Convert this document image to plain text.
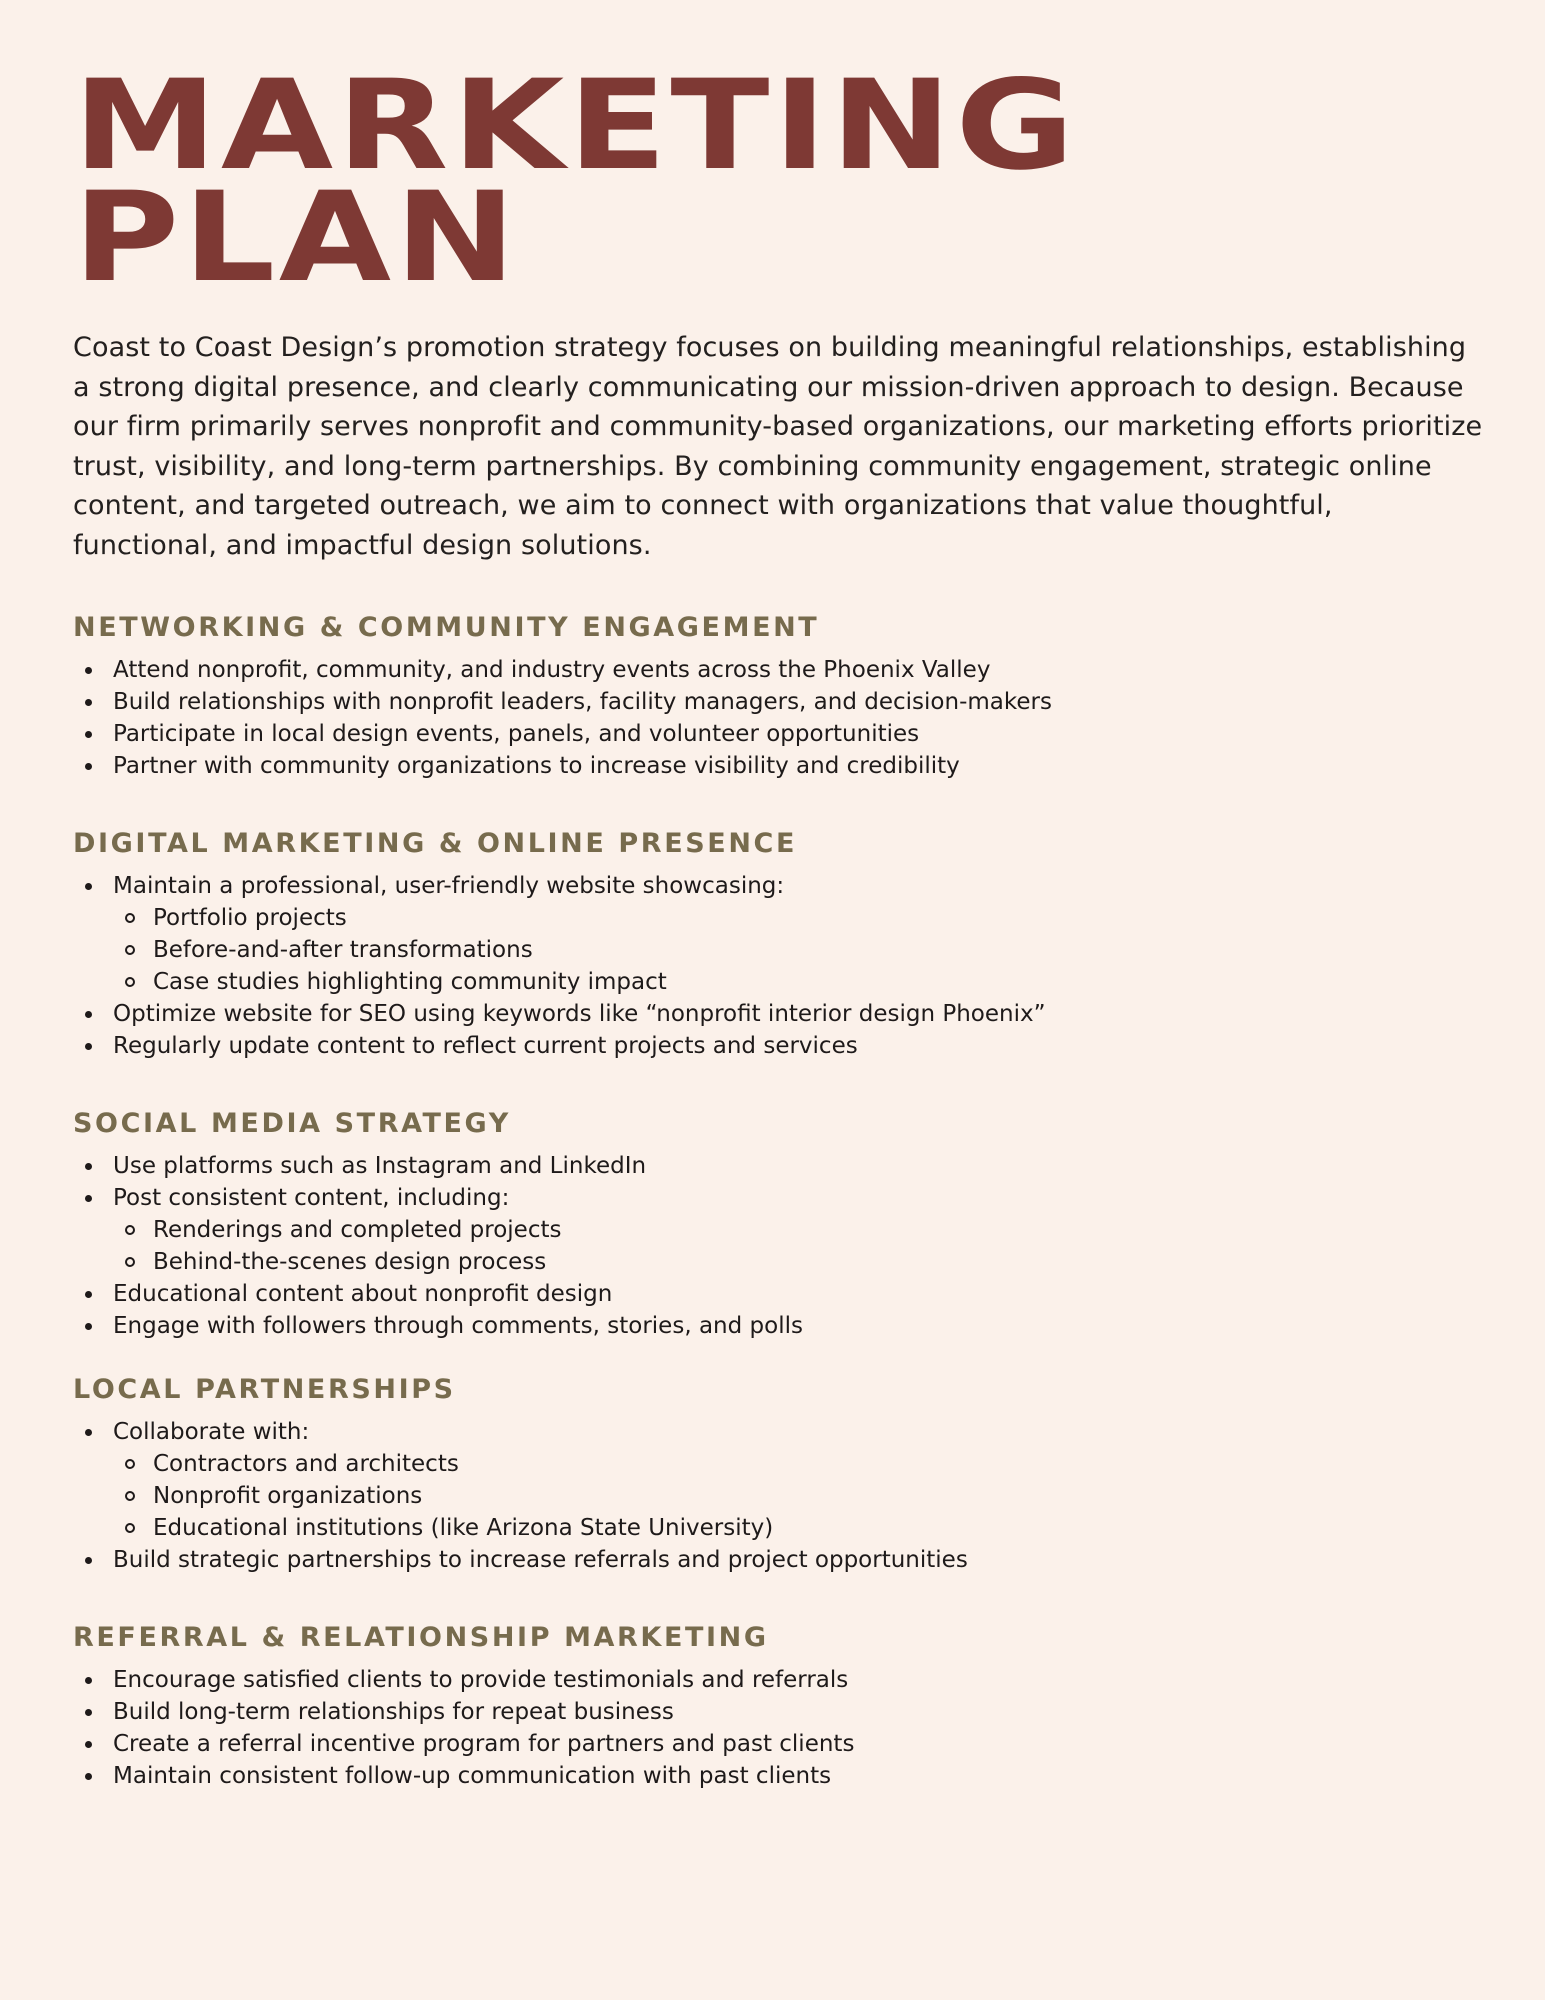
MARKETING
PLAN

Coast to Coast Design’s promotion strategy focuses on building meaningful relationships, establishing a strong digital presence, and clearly communicating our mission-driven approach to design. Because our firm primarily serves nonprofit and community-based organizations, our marketing efforts prioritize trust, visibility, and long-term partnerships. By combining community engagement, strategic online content, and targeted outreach, we aim to connect with organizations that value thoughtful, functional, and impactful design solutions.

NETWORKING & COMMUNITY ENGAGEMENT
Attend nonprofit, community, and industry events across the Phoenix Valley
Build relationships with nonprofit leaders, facility managers, and decision-makers
Participate in local design events, panels, and volunteer opportunities
Partner with community organizations to increase visibility and credibility
DIGITAL MARKETING & ONLINE PRESENCE
Maintain a professional, user-friendly website showcasing:
Portfolio projects
Before-and-after transformations
Case studies highlighting community impact
Optimize website for SEO using keywords like “nonprofit interior design Phoenix”
Regularly update content to reflect current projects and services
SOCIAL MEDIA STRATEGY
Use platforms such as Instagram and LinkedIn
Post consistent content, including:
Renderings and completed projects
Behind-the-scenes design process
Educational content about nonprofit design
Engage with followers through comments, stories, and polls
LOCAL PARTNERSHIPS
Collaborate with:
Contractors and architects
Nonprofit organizations
Educational institutions (like Arizona State University)
Build strategic partnerships to increase referrals and project opportunities
REFERRAL & RELATIONSHIP MARKETING
Encourage satisfied clients to provide testimonials and referrals
Build long-term relationships for repeat business
Create a referral incentive program for partners and past clients
Maintain consistent follow-up communication with past clients
